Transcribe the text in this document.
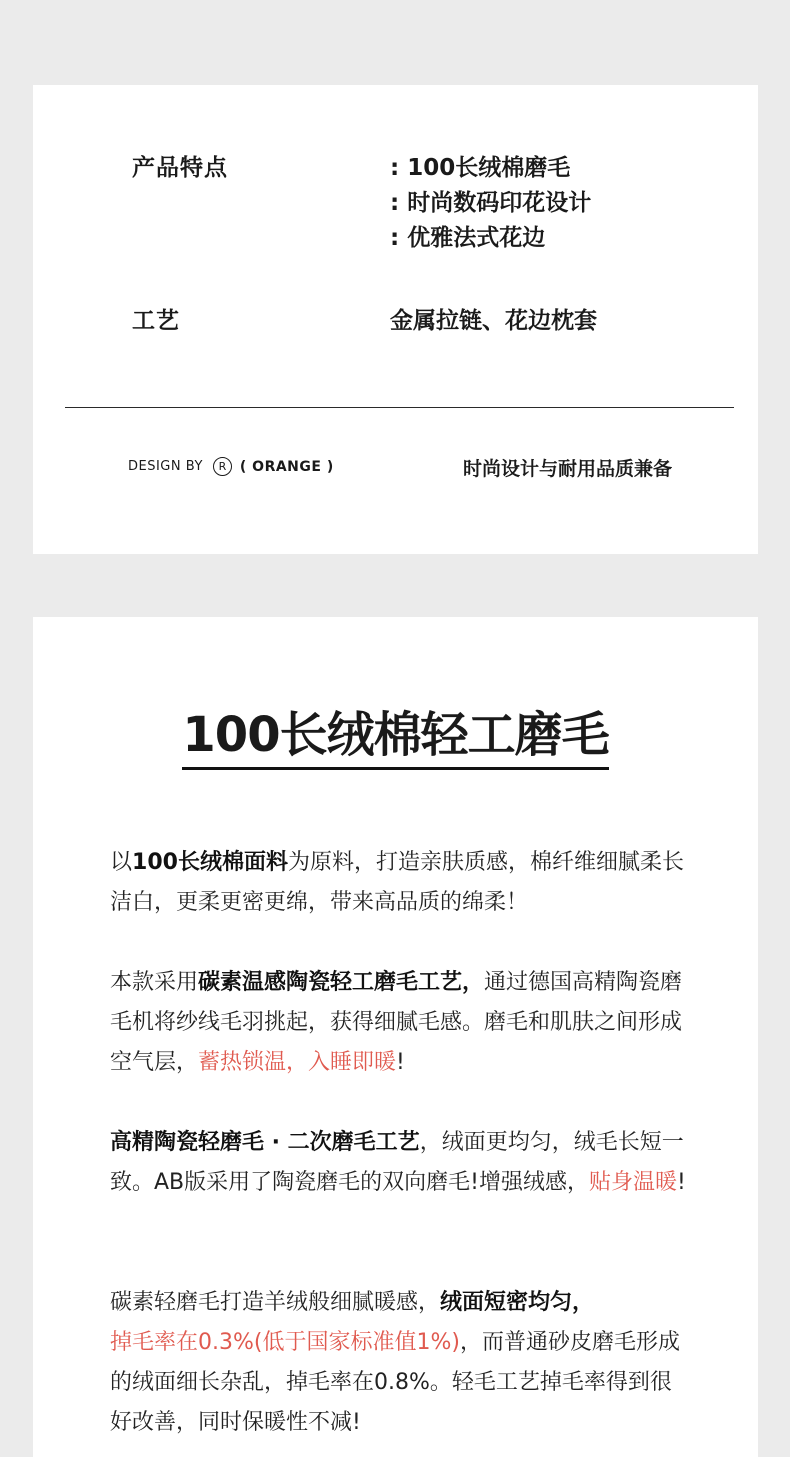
产品特点	: 100长绒棉磨毛
: 时尚数码印花设计
: 优雅法式花边
工艺	金属拉链、花边枕套
DESIGN BY	R ( ORANGE )	时尚设计与耐用品质兼备
100长绒棉轻工磨毛
以100长绒棉面料为原料，打造亲肤质感，棉纤维细腻柔长洁白，更柔更密更绵，带来高品质的绵柔！
本款采用碳素温感陶瓷轻工磨毛工艺，通过德国高精陶瓷磨毛机将纱线毛羽挑起，获得细腻毛感。磨毛和肌肤之间形成空气层，蓄热锁温，入睡即暖!
高精陶瓷轻磨毛 · 二次磨毛工艺，绒面更均匀，绒毛长短一致。AB版采用了陶瓷磨毛的双向磨毛!增强绒感，贴身温暖!
碳素轻磨毛打造羊绒般细腻暖感，绒面短密均匀，
掉毛率在0.3%(低于国家标准值1%)，而普通砂皮磨毛形成的绒面细长杂乱，掉毛率在0.8%。轻毛工艺掉毛率得到很好改善，同时保暖性不减!
